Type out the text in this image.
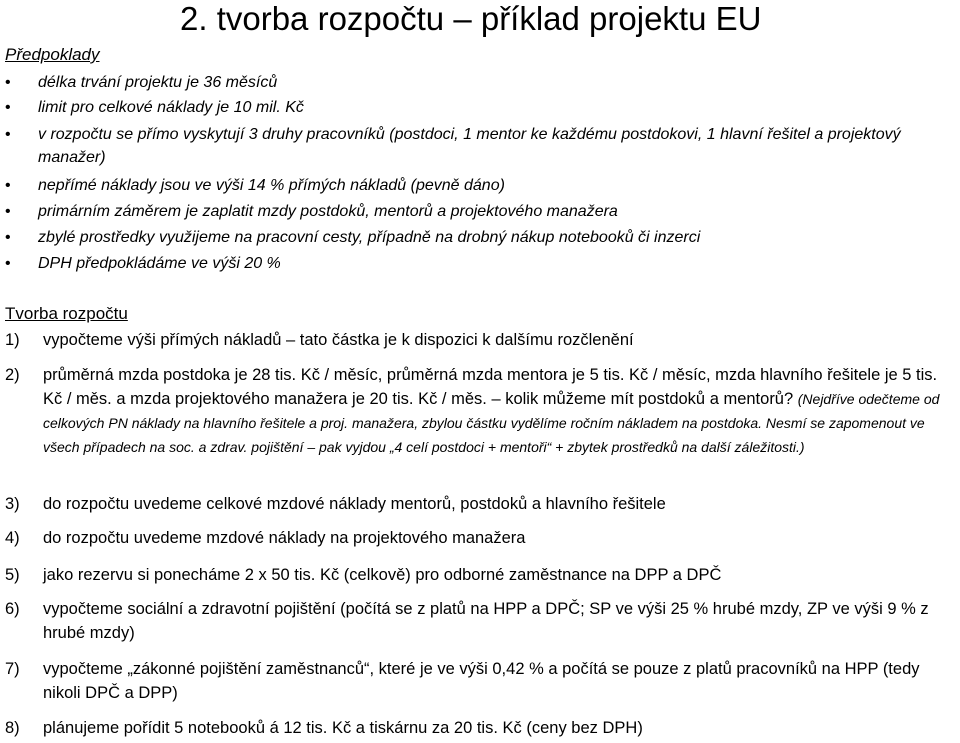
2. tvorba rozpočtu – příklad projektu EU
Předpoklady
• délka trvání projektu je 36 měsíců
• limit pro celkové náklady je 10 mil. Kč
• v rozpočtu se přímo vyskytují 3 druhy pracovníků (postdoci, 1 mentor ke každému postdokovi, 1 hlavní řešitel a projektový manažer)
• nepřímé náklady jsou ve výši 14 % přímých nákladů (pevně dáno)
• primárním záměrem je zaplatit mzdy postdoků, mentorů a projektového manažera
• zbylé prostředky využijeme na pracovní cesty, případně na drobný nákup notebooků či inzerci
• DPH předpokládáme ve výši 20 %
Tvorba rozpočtu
1) vypočteme výši přímých nákladů – tato částka je k dispozici k dalšímu rozčlenění
2) průměrná mzda postdoka je 28 tis. Kč / měsíc, průměrná mzda mentora je 5 tis. Kč / měsíc, mzda hlavního řešitele je 5 tis. Kč / měs. a mzda projektového manažera je 20 tis. Kč / měs. – kolik můžeme mít postdoků a mentorů? (Nejdříve odečteme od celkových PN náklady na hlavního řešitele a proj. manažera, zbylou částku vydělíme ročním nákladem na postdoka. Nesmí se zapomenout ve všech případech na soc. a zdrav. pojištění – pak vyjdou „4 celí postdoci + mentoři“ + zbytek prostředků na další záležitosti.)
3) do rozpočtu uvedeme celkové mzdové náklady mentorů, postdoků a hlavního řešitele
4) do rozpočtu uvedeme mzdové náklady na projektového manažera
5) jako rezervu si ponecháme 2 x 50 tis. Kč (celkově) pro odborné zaměstnance na DPP a DPČ
6) vypočteme sociální a zdravotní pojištění (počítá se z platů na HPP a DPČ; SP ve výši 25 % hrubé mzdy, ZP ve výši 9 % z hrubé mzdy)
7) vypočteme „zákonné pojištění zaměstnanců“, které je ve výši 0,42 % a počítá se pouze z platů pracovníků na HPP (tedy nikoli DPČ a DPP)
8) plánujeme pořídit 5 notebooků á 12 tis. Kč a tiskárnu za 20 tis. Kč (ceny bez DPH)
